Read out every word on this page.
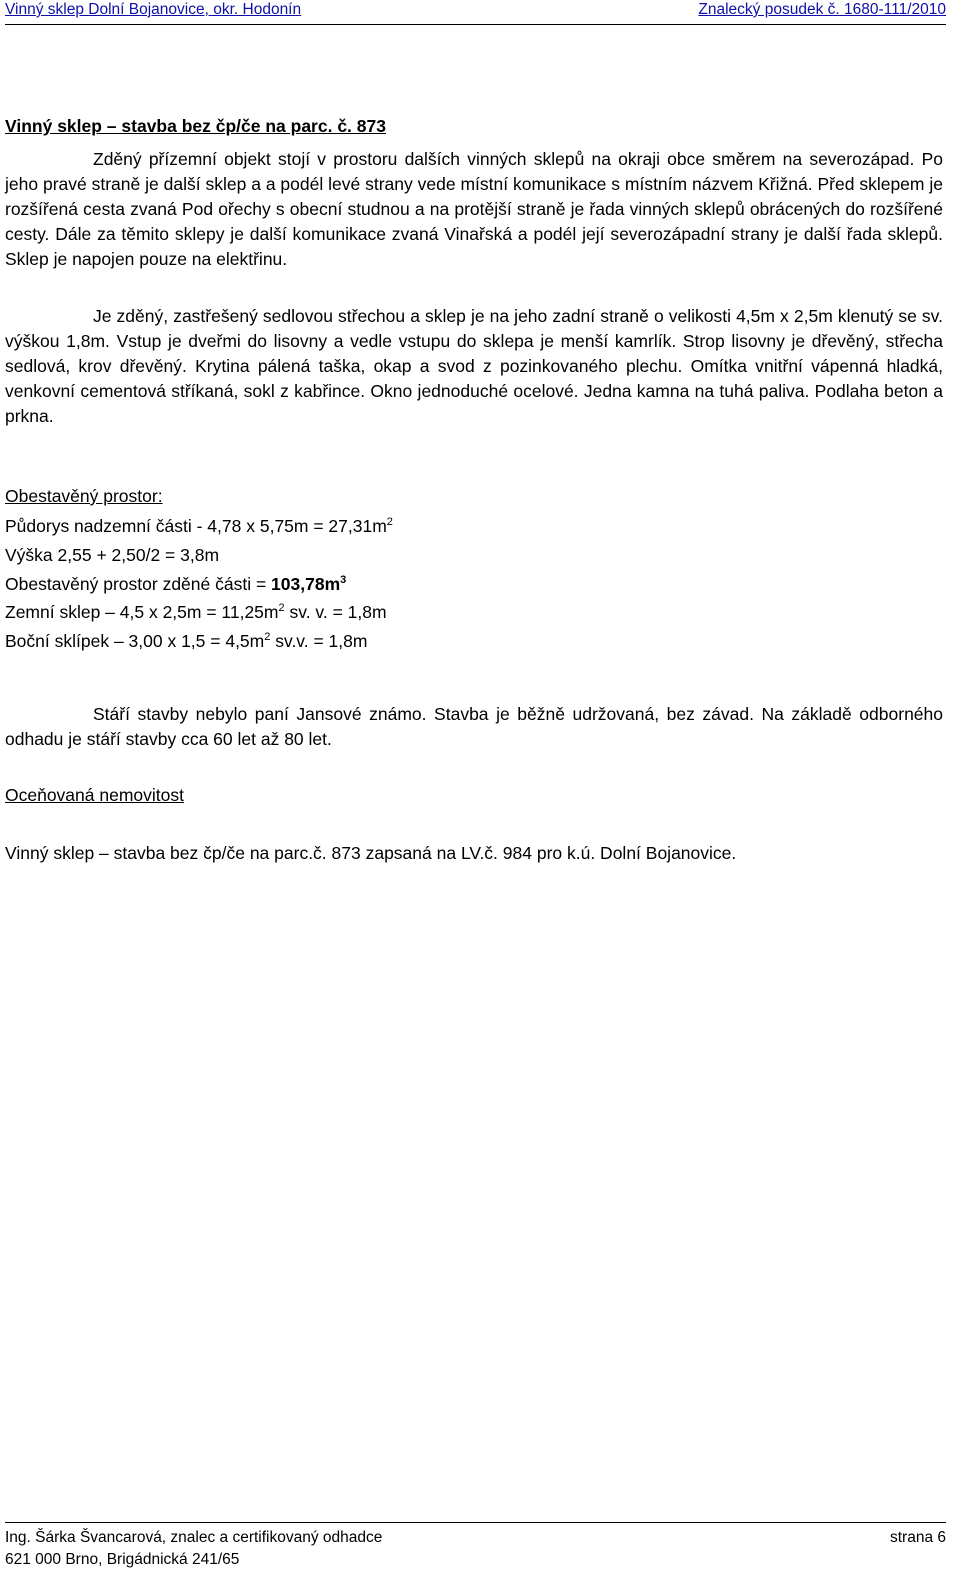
Vinný sklep Dolní Bojanovice, okr. Hodonín	Znalecký posudek č. 1680-111/2010
Vinný sklep – stavba bez čp/če na parc. č. 873

Zděný přízemní objekt stojí v prostoru dalších vinných sklepů na okraji obce směrem na severozápad. Po jeho pravé straně je další sklep a a podél levé strany vede místní komunikace s místním názvem Křižná. Před sklepem je rozšířená cesta zvaná Pod ořechy s obecní studnou a na protější straně je řada vinných sklepů obrácených do rozšířené cesty. Dále za těmito sklepy je další komunikace zvaná Vinařská a podél její severozápadní strany je další řada sklepů. Sklep je napojen pouze na elektřinu.

Je zděný, zastřešený sedlovou střechou a sklep je na jeho zadní straně o velikosti 4,5m x 2,5m klenutý se sv. výškou 1,8m. Vstup je dveřmi do lisovny a vedle vstupu do sklepa je menší kamrlík. Strop lisovny je dřevěný, střecha sedlová, krov dřevěný. Krytina pálená taška, okap a svod z pozinkovaného plechu. Omítka vnitřní vápenná hladká, venkovní cementová stříkaná, sokl z kabřince. Okno jednoduché ocelové. Jedna kamna na tuhá paliva. Podlaha beton a prkna.

Obestavěný prostor:
Půdorys nadzemní části - 4,78 x $5,75m = 27,31m^2$
Výška 2,55 + 2,50/2 = 3,8m
Obestavěný prostor zděné části = $103,78m^3$
Zemní sklep – 4,5 x $2,5m = 11,25m^2$ sv. v. = 1,8m
Boční sklípek – 3,00 x $1,5 = 4,5m^2$ sv.v. = 1,8m

Stáří stavby nebylo paní Jansové známo. Stavba je běžně udržovaná, bez závad. Na základě odborného odhadu je stáří stavby cca 60 let až 80 let.

Oceňovaná nemovitost
Vinný sklep – stavba bez čp/če na parc.č. 873 zapsaná na LV.č. 984 pro k.ú. Dolní Bojanovice.
Ing. Šárka Švancarová, znalec a certifikovaný odhadce	strana 6
621 000 Brno, Brigádnická 241/65
